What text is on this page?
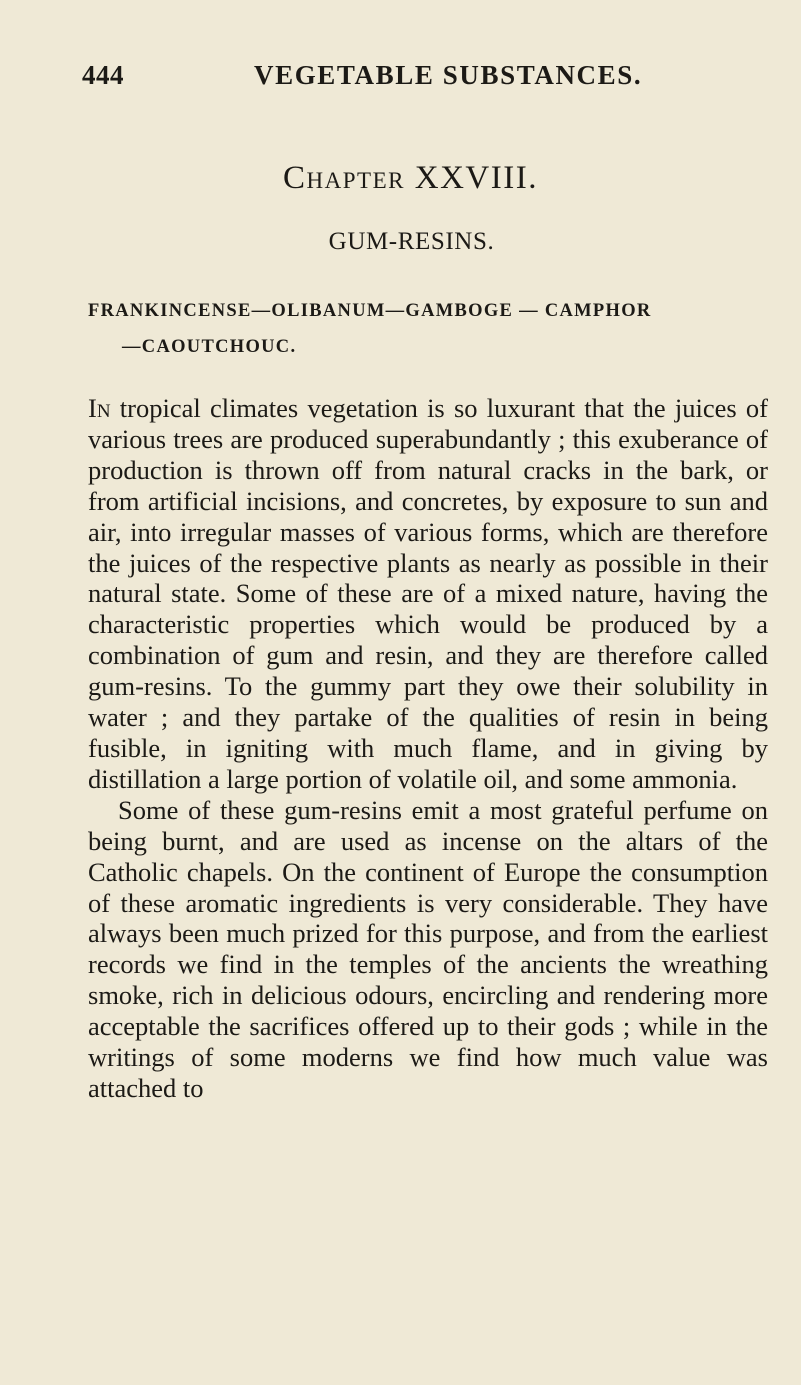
444	VEGETABLE SUBSTANCES.
Chapter XXVIII.
GUM-RESINS.
FRANKINCENSE—OLIBANUM—GAMBOGE — CAMPHOR
—CAOUTCHOUC.

In tropical climates vegetation is so luxurant that the juices of various trees are produced superabundantly ; this exuberance of production is thrown off from natural cracks in the bark, or from artificial incisions, and concretes, by exposure to sun and air, into irregular masses of various forms, which are therefore the juices of the respective plants as nearly as possible in their natural state. Some of these are of a mixed nature, having the characteristic properties which would be produced by a combination of gum and resin, and they are therefore called gum-resins. To the gummy part they owe their solubility in water ; and they partake of the qualities of resin in being fusible, in igniting with much flame, and in giving by distillation a large portion of volatile oil, and some ammonia.

Some of these gum-resins emit a most grateful perfume on being burnt, and are used as incense on the altars of the Catholic chapels. On the continent of Europe the consumption of these aromatic ingredients is very considerable. They have always been much prized for this purpose, and from the earliest records we find in the temples of the ancients the wreathing smoke, rich in delicious odours, encircling and rendering more acceptable the sacrifices offered up to their gods ; while in the writings of some moderns we find how much value was attached to
